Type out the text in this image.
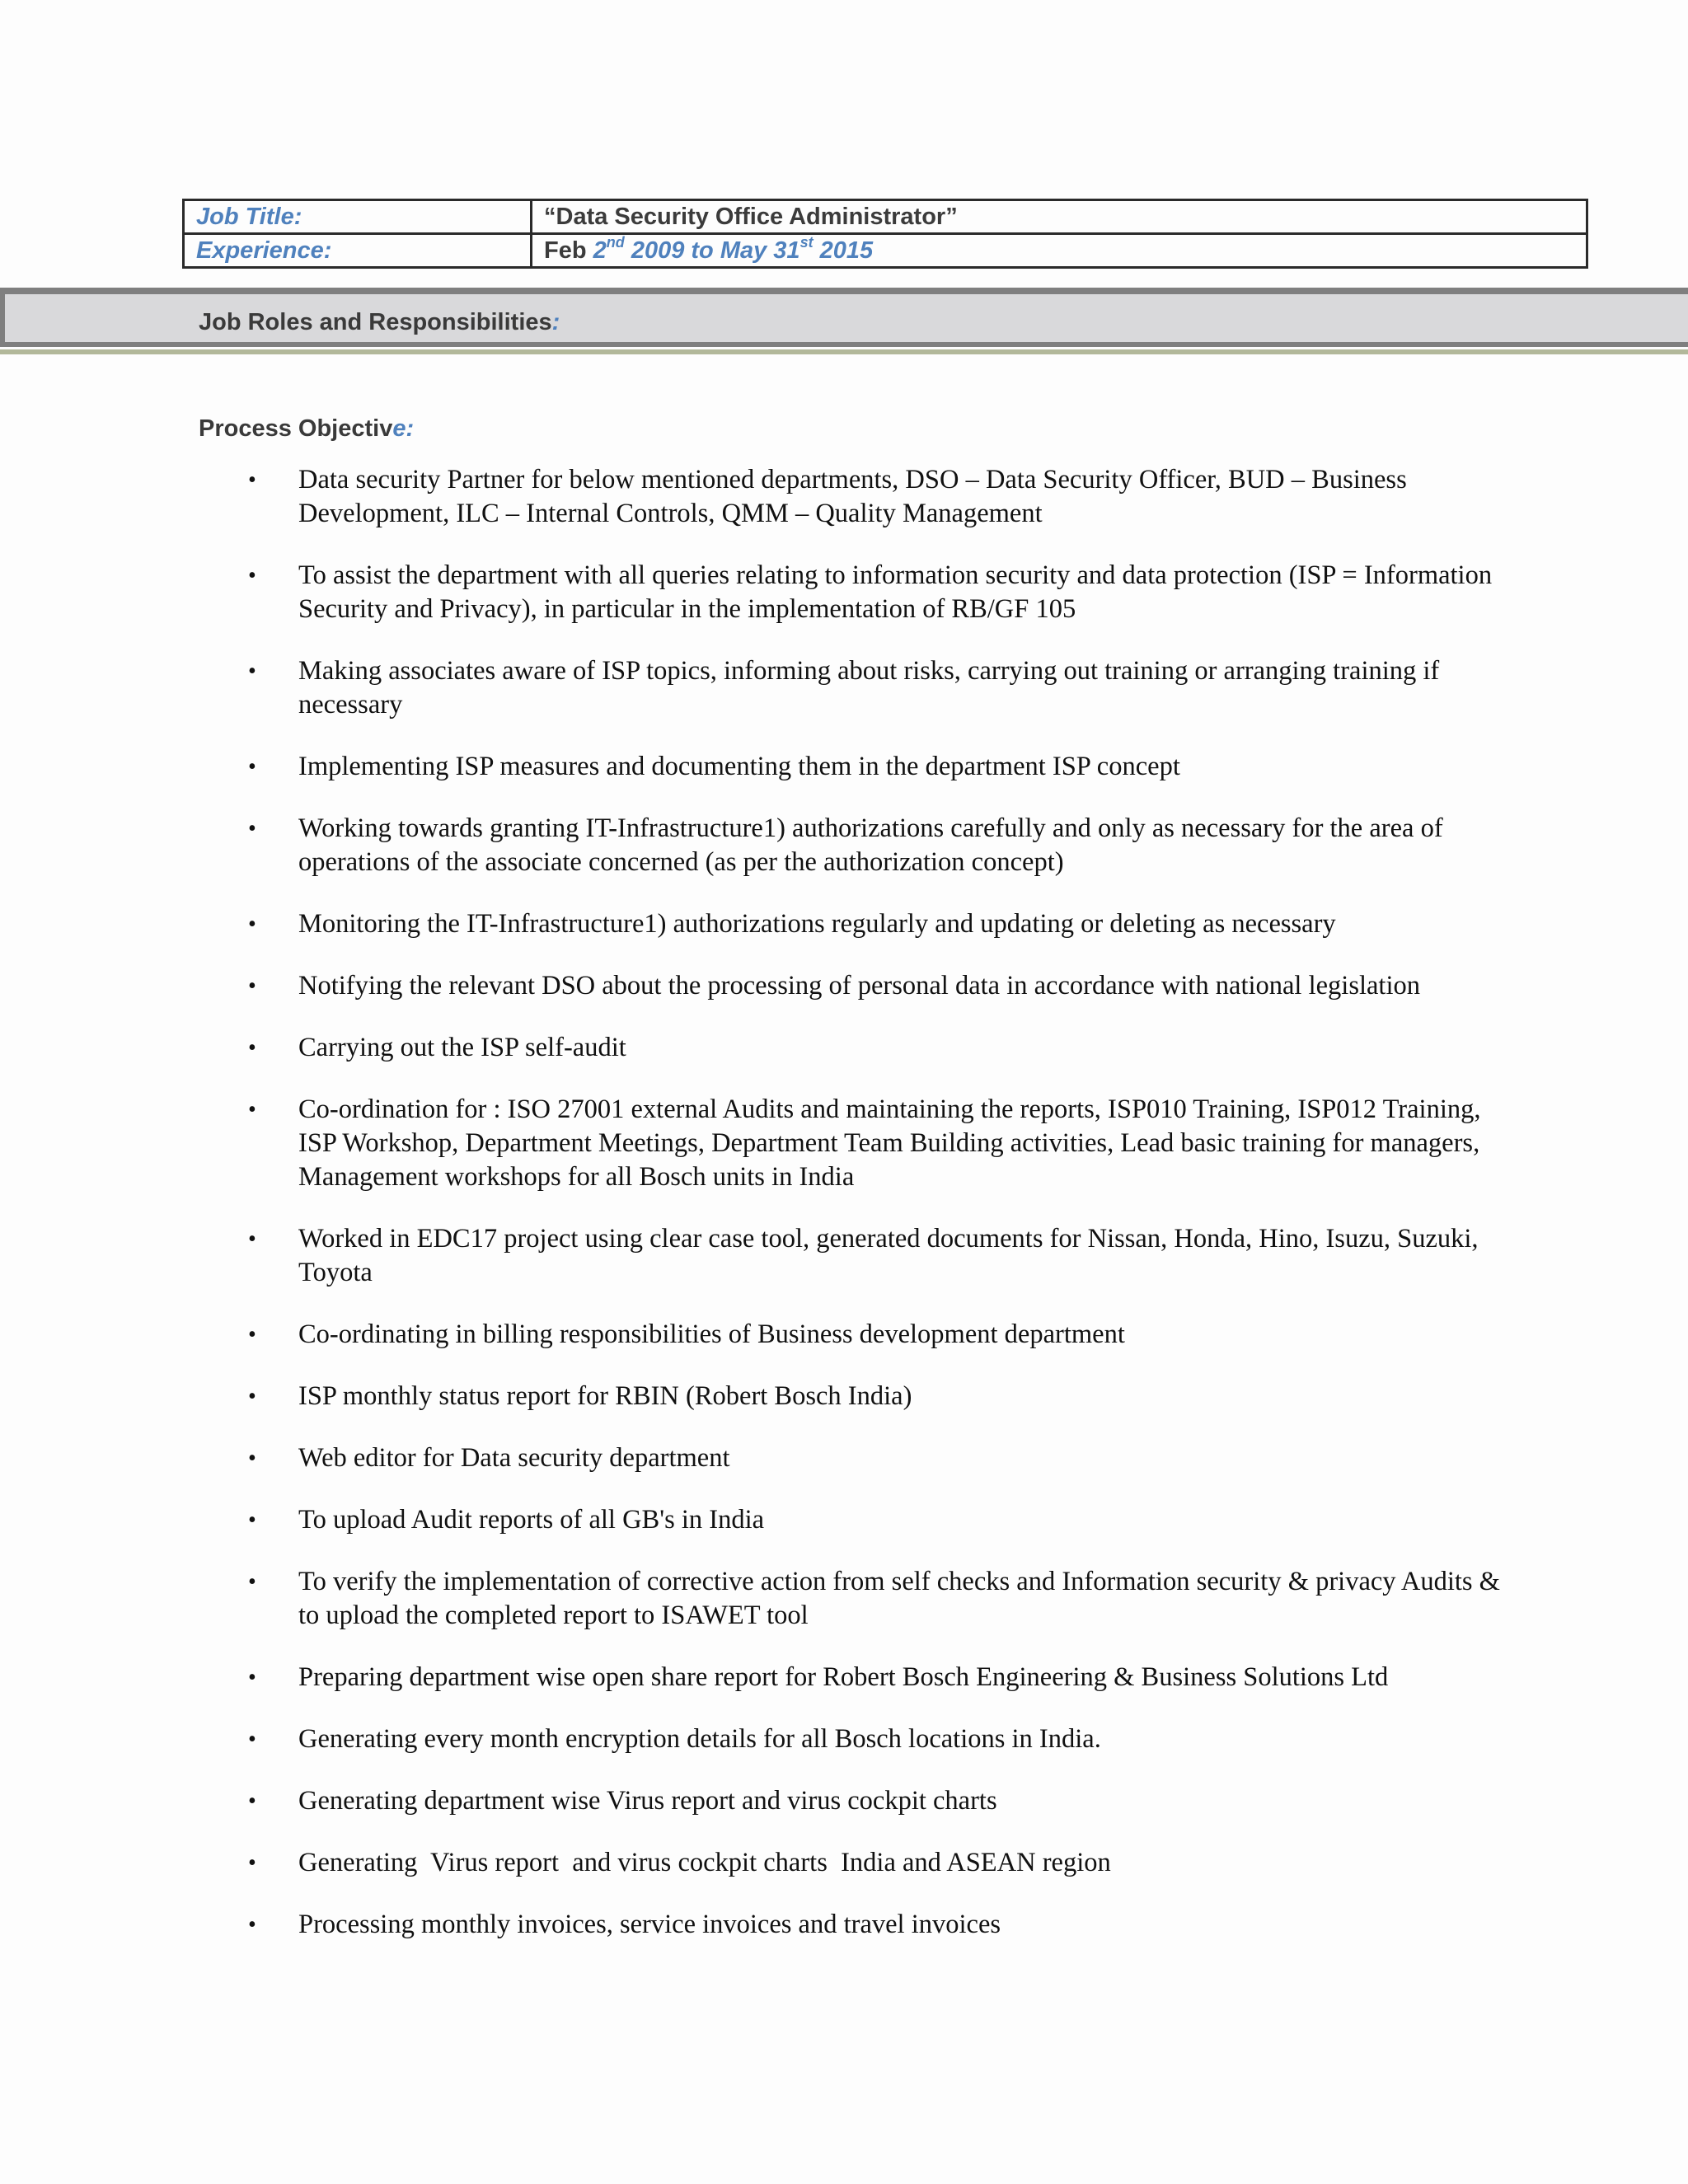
Job Title:	“Data Security Office Administrator”
Experience:	Feb 2nd 2009 to May 31st 2015
Job Roles and Responsibilities:
Process Objective:
• Data security Partner for below mentioned departments, DSO – Data Security Officer, BUD – Business Development, ILC – Internal Controls, QMM – Quality Management
• To assist the department with all queries relating to information security and data protection (ISP = Information Security and Privacy), in particular in the implementation of RB/GF 105
• Making associates aware of ISP topics, informing about risks, carrying out training or arranging training if necessary
• Implementing ISP measures and documenting them in the department ISP concept
• Working towards granting IT-Infrastructure1) authorizations carefully and only as necessary for the area of operations of the associate concerned (as per the authorization concept)
• Monitoring the IT-Infrastructure1) authorizations regularly and updating or deleting as necessary
• Notifying the relevant DSO about the processing of personal data in accordance with national legislation
• Carrying out the ISP self-audit
• Co-ordination for : ISO 27001 external Audits and maintaining the reports, ISP010 Training, ISP012 Training,   ISP Workshop, Department Meetings, Department Team Building activities, Lead basic training for managers, Management workshops for all Bosch units in India
• Worked in EDC17 project using clear case tool, generated documents for Nissan, Honda, Hino, Isuzu, Suzuki, Toyota
• Co-ordinating in billing responsibilities of Business development department
• ISP monthly status report for RBIN (Robert Bosch India)
• Web editor for Data security department
• To upload Audit reports of all GB's in India
• To verify the implementation of corrective action from self checks and Information security & privacy Audits & to upload the completed report to ISAWET tool
• Preparing department wise open share report for Robert Bosch Engineering & Business Solutions Ltd
• Generating every month encryption details for all Bosch locations in India.
• Generating department wise Virus report and virus cockpit charts
• Generating  Virus report  and virus cockpit charts  India and ASEAN region
• Processing monthly invoices, service invoices and travel invoices
